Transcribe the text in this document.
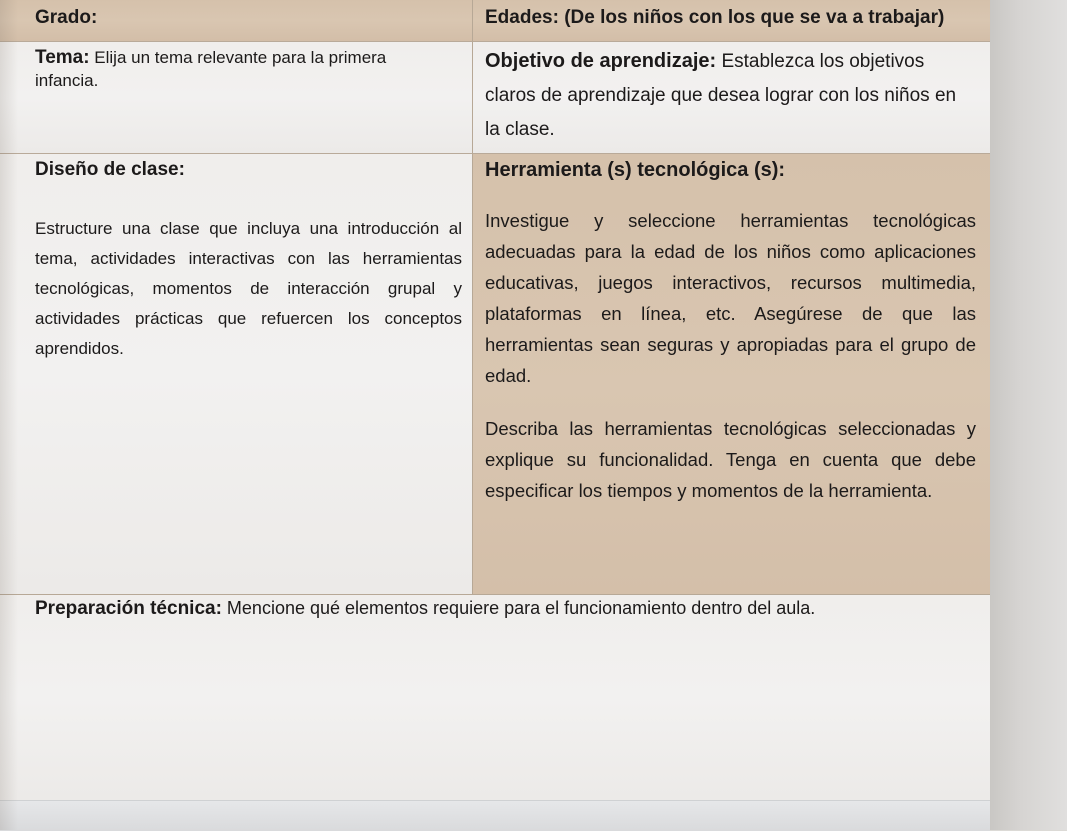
Grado:	Edades: (De los niños con los que se va a trabajar)
Tema: Elija un tema relevante para la primera infancia.
Objetivo de aprendizaje: Establezca los objetivos claros de aprendizaje que desea lograr con los niños en la clase.
Diseño de clase:
Estructure una clase que incluya una introducción al tema, actividades interactivas con las herramientas tecnológicas, momentos de interacción grupal y actividades prácticas que refuercen los conceptos aprendidos.
Herramienta (s) tecnológica (s):
Investigue y seleccione herramientas tecnológicas adecuadas para la edad de los niños como aplicaciones educativas, juegos interactivos, recursos multimedia, plataformas en línea, etc. Asegúrese de que las herramientas sean seguras y apropiadas para el grupo de edad.
Describa las herramientas tecnológicas seleccionadas y explique su funcionalidad. Tenga en cuenta que debe especificar los tiempos y momentos de la herramienta.
Preparación técnica: Mencione qué elementos requiere para el funcionamiento dentro del aula.
